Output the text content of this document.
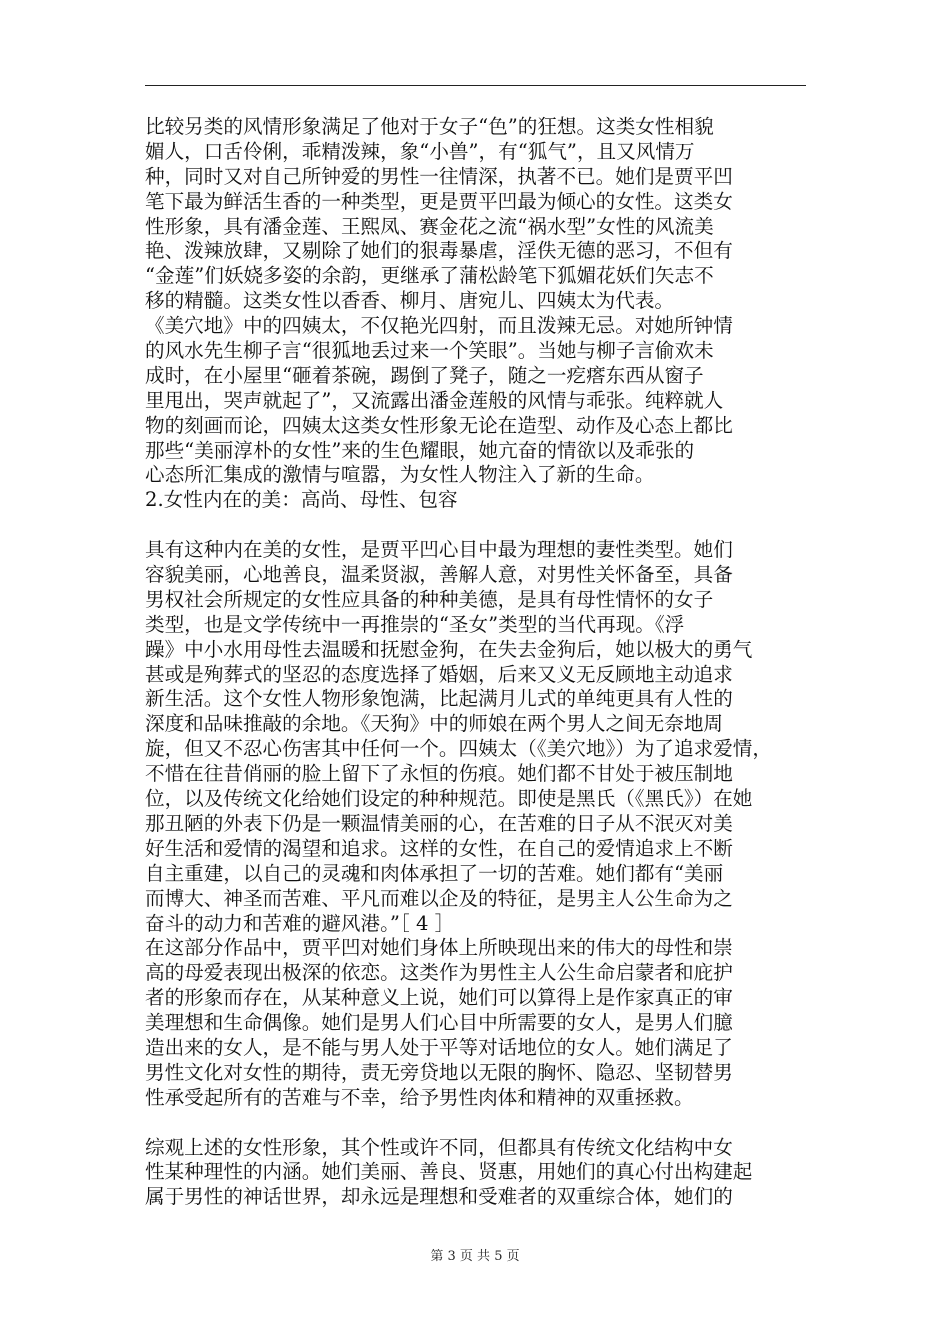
比较另类的风情形象满足了他对于女子“色”的狂想。这类女性相貌
媚人，口舌伶俐，乖精泼辣，象“小兽”，有“狐气”，且又风情万
种，同时又对自己所钟爱的男性一往情深，执著不已。她们是贾平凹
笔下最为鲜活生香的一种类型，更是贾平凹最为倾心的女性。这类女
性形象，具有潘金莲、王熙凤、赛金花之流“祸水型”女性的风流美
艳、泼辣放肆，又剔除了她们的狠毒暴虐，淫佚无德的恶习，不但有
“金莲”们妖娆多姿的余韵，更继承了蒲松龄笔下狐媚花妖们矢志不
移的精髓。这类女性以香香、柳月、唐宛儿、四姨太为代表。
《美穴地》中的四姨太，不仅艳光四射，而且泼辣无忌。对她所钟情
的风水先生柳子言“很狐地丢过来一个笑眼”。当她与柳子言偷欢未
成时，在小屋里“砸着茶碗，踢倒了凳子，随之一疙瘩东西从窗子
里甩出，哭声就起了”，又流露出潘金莲般的风情与乖张。纯粹就人
物的刻画而论，四姨太这类女性形象无论在造型、动作及心态上都比
那些“美丽淳朴的女性”来的生色耀眼，她亢奋的情欲以及乖张的
心态所汇集成的激情与喧嚣，为女性人物注入了新的生命。
2.女性内在的美：高尚、母性、包容
具有这种内在美的女性，是贾平凹心目中最为理想的妻性类型。她们
容貌美丽，心地善良，温柔贤淑，善解人意，对男性关怀备至，具备
男权社会所规定的女性应具备的种种美德，是具有母性情怀的女子
类型，也是文学传统中一再推崇的“圣女”类型的当代再现。《浮
躁》中小水用母性去温暖和抚慰金狗，在失去金狗后，她以极大的勇气
甚或是殉葬式的坚忍的态度选择了婚姻，后来又义无反顾地主动追求
新生活。这个女性人物形象饱满，比起满月儿式的单纯更具有人性的
深度和品味推敲的余地。《天狗》中的师娘在两个男人之间无奈地周
旋，但又不忍心伤害其中任何一个。四姨太（《美穴地》）为了追求爱情，
不惜在往昔俏丽的脸上留下了永恒的伤痕。她们都不甘处于被压制地
位，以及传统文化给她们设定的种种规范。即使是黑氏（《黑氏》）在她
那丑陋的外表下仍是一颗温情美丽的心，在苦难的日子从不泯灭对美
好生活和爱情的渴望和追求。这样的女性，在自己的爱情追求上不断
自主重建，以自己的灵魂和肉体承担了一切的苦难。她们都有“美丽
而博大、神圣而苦难、平凡而难以企及的特征，是男主人公生命为之
奋斗的动力和苦难的避风港。”［ 4 ］
在这部分作品中，贾平凹对她们身体上所映现出来的伟大的母性和崇
高的母爱表现出极深的依恋。这类作为男性主人公生命启蒙者和庇护
者的形象而存在，从某种意义上说，她们可以算得上是作家真正的审
美理想和生命偶像。她们是男人们心目中所需要的女人，是男人们臆
造出来的女人，是不能与男人处于平等对话地位的女人。她们满足了
男性文化对女性的期待，责无旁贷地以无限的胸怀、隐忍、坚韧替男
性承受起所有的苦难与不幸，给予男性肉体和精神的双重拯救。
综观上述的女性形象，其个性或许不同，但都具有传统文化结构中女
性某种理性的内涵。她们美丽、善良、贤惠，用她们的真心付出构建起
属于男性的神话世界，却永远是理想和受难者的双重综合体，她们的
第 3 页 共 5 页
